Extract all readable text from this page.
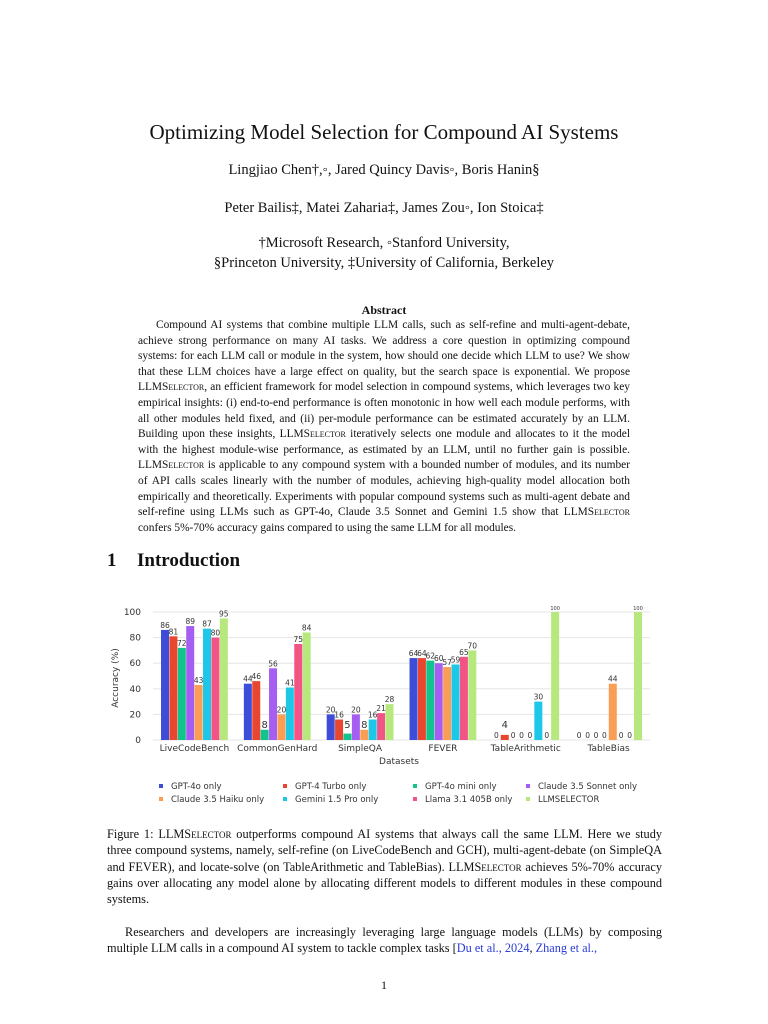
Optimizing Model Selection for Compound AI Systems
Lingjiao Chen†,◦, Jared Quincy Davis◦, Boris Hanin§
Peter Bailis‡, Matei Zaharia‡, James Zou◦, Ion Stoica‡
†Microsoft Research, ◦Stanford University,
§Princeton University, ‡University of California, Berkeley
Abstract
Compound AI systems that combine multiple LLM calls, such as self-refine and multi-agent-debate, achieve strong performance on many AI tasks. We address a core question in optimizing compound systems: for each LLM call or module in the system, how should one decide which LLM to use? We show that these LLM choices have a large effect on quality, but the search space is exponential. We propose LLMSelector, an efficient framework for model selection in compound systems, which leverages two key empirical insights: (i) end-to-end performance is often monotonic in how well each module performs, with all other modules held fixed, and (ii) per-module performance can be estimated accurately by an LLM. Building upon these insights, LLMSelector iteratively selects one module and allocates to it the model with the highest module-wise performance, as estimated by an LLM, until no further gain is possible. LLMSelector is applicable to any compound system with a bounded number of modules, and its number of API calls scales linearly with the number of modules, achieving high-quality model allocation both empirically and theoretically. Experiments with popular compound systems such as multi-agent debate and self-refine using LLMs such as GPT-4o, Claude 3.5 Sonnet and Gemini 1.5 show that LLMSelector confers 5%-70% accuracy gains compared to using the same LLM for all modules.
1 Introduction
0
20
40
60
80
100
Accuracy (%)
86
81
72
89
43
87
80
95
44
46
8
56
20
41
75
84
20
16
5
20
8
16
21
28
64
64
62
60
57
59
65
70
0
4
0 0 0
30
0
100
0 0 0 0
44
0 0
100
LiveCodeBench CommonGenHard SimpleQA	FEVER	TableArithmetic	TableBias
Datasets
GPT-4o only	GPT-4 Turbo only	GPT-4o mini only	Claude 3.5 Sonnet only
Claude 3.5 Haiku only	Gemini 1.5 Pro only	Llama 3.1 405B only	LLMSELECTOR
Figure 1: LLMSelector outperforms compound AI systems that always call the same LLM. Here we study three compound systems, namely, self-refine (on LiveCodeBench and GCH), multi-agent-debate (on SimpleQA and FEVER), and locate-solve (on TableArithmetic and TableBias). LLMSelector achieves 5%-70% accuracy gains over allocating any model alone by allocating different models to different modules in these compound systems.
Researchers and developers are increasingly leveraging large language models (LLMs) by composing multiple LLM calls in a compound AI system to tackle complex tasks [Du et al., 2024, Zhang et al.,
1
